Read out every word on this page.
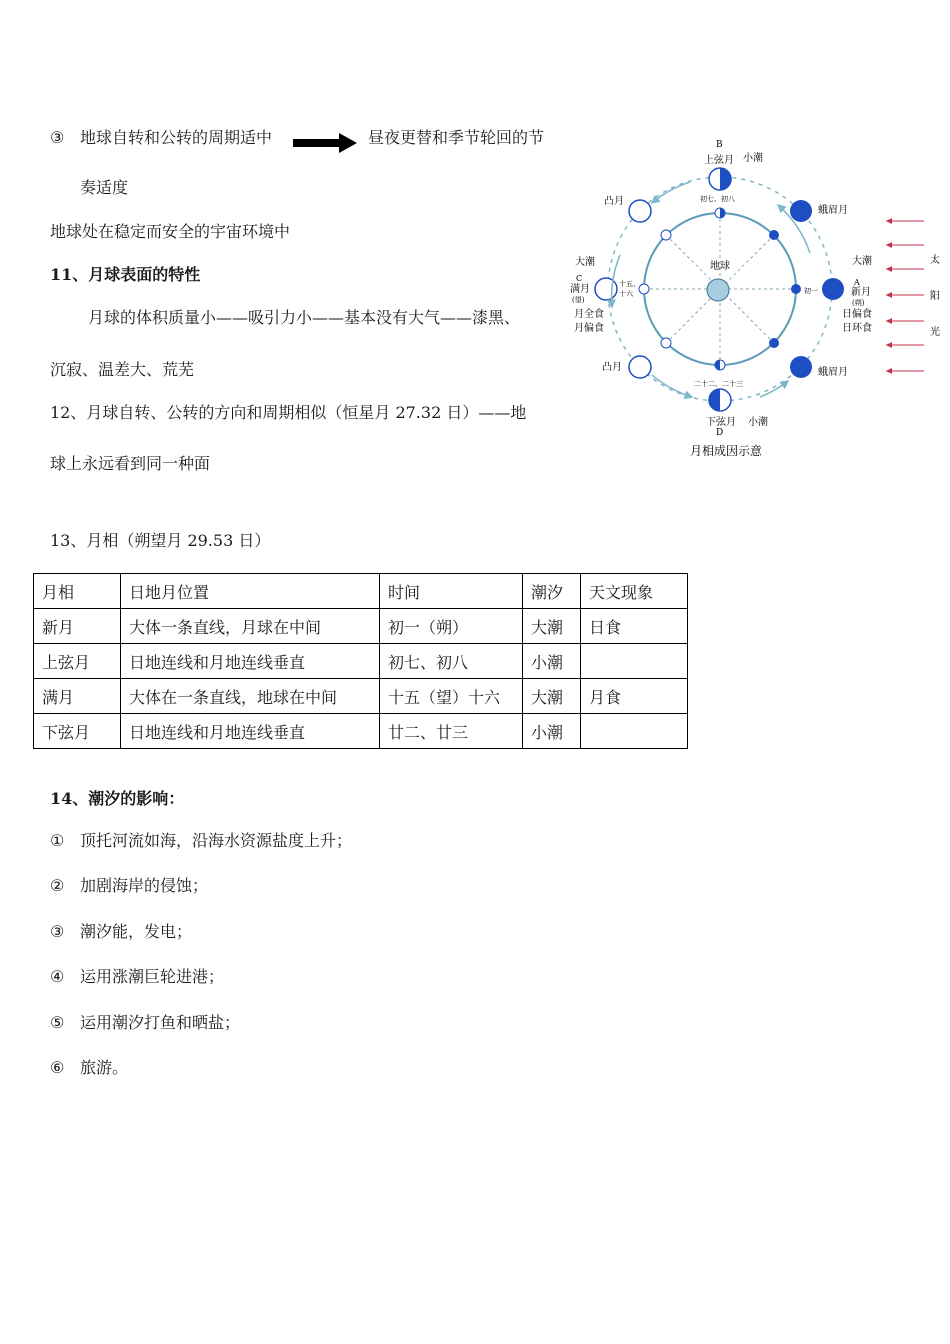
③ 地球自转和公转的周期适中	昼夜更替和季节轮回的节
奏适度
地球处在稳定而安全的宇宙环境中
11、月球表面的特性
月球的体积质量小——吸引力小——基本没有大气——漆黑、
沉寂、温差大、荒芜
12、月球自转、公转的方向和周期相似（恒星月 27.32 日）——地
球上永远看到同一种面
13、月相（朔望月 29.53 日）
月相	日地月位置	时间	潮汐	天文现象
新月	大体一条直线，月球在中间	初一（朔）	大潮	日食
上弦月	日地连线和月地连线垂直	初七、初八	小潮	
满月	大体在一条直线，地球在中间	十五（望）十六	大潮	月食
下弦月	日地连线和月地连线垂直	廿二、廿三	小潮	
14、潮汐的影响：
① 顶托河流如海，沿海水资源盐度上升；
② 加剧海岸的侵蚀；
③ 潮汐能，发电；
④ 运用涨潮巨轮进港；
⑤ 运用潮汐打鱼和晒盐；
⑥ 旅游。
地球
B
上弦月 小潮
初七、初八
二十二、二十三
下弦月 小潮
D
大潮
A
新月
(朔)
日偏食
日环食
初一
大潮
C
满月
(望)
月全食
月偏食
十五、
十六
凸月
凸月
蛾眉月
蛾眉月
太
阳
光
月相成因示意
